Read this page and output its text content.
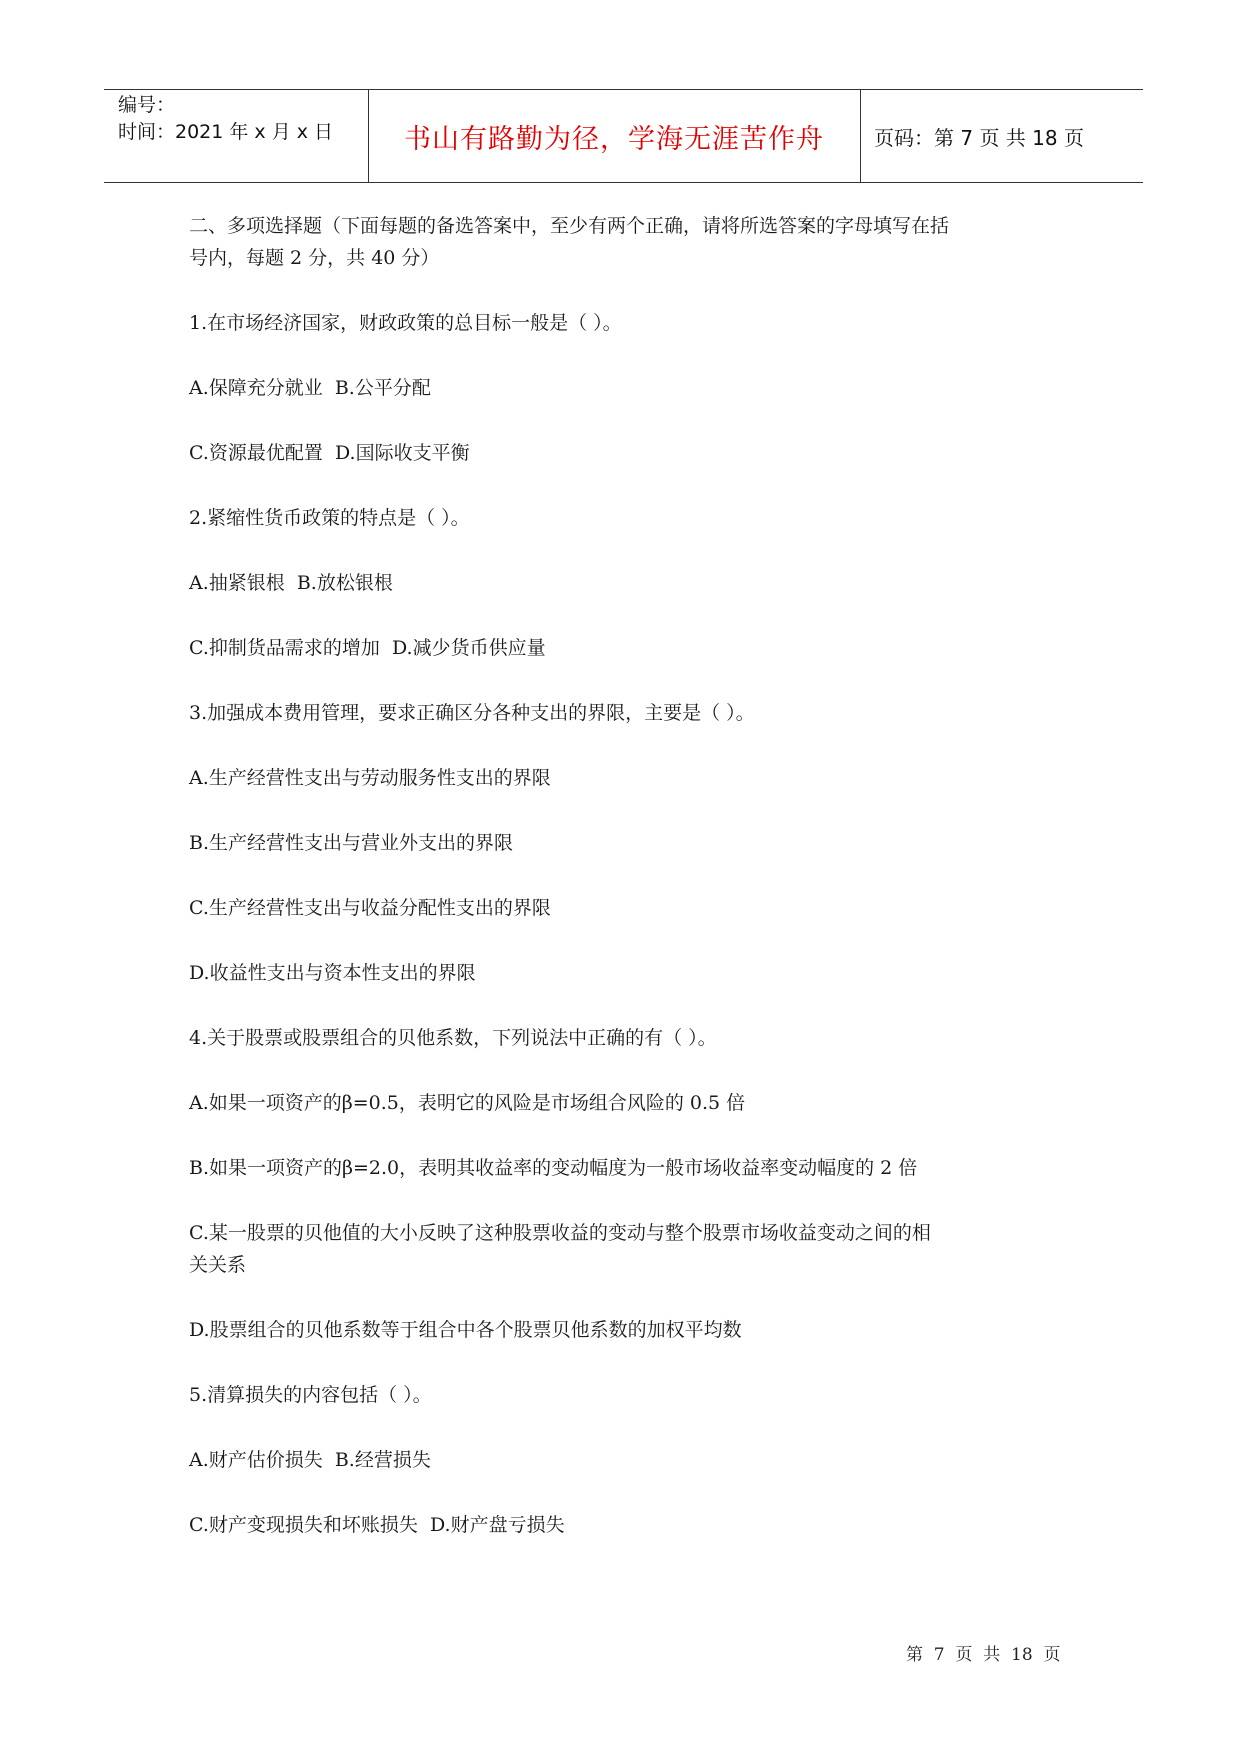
编号：
时间：2021 年 x 月 x 日	书山有路勤为径，学海无涯苦作舟	页码：第 7 页 共 18 页

二、多项选择题（下面每题的备选答案中，至少有两个正确，请将所选答案的字母填写在括

号内，每题 2 分，共 40 分）

1.在市场经济国家，财政政策的总目标一般是（ ）。

A.保障充分就业  B.公平分配

C.资源最优配置  D.国际收支平衡

2.紧缩性货币政策的特点是（ ）。

A.抽紧银根  B.放松银根

C.抑制货品需求的增加  D.减少货币供应量

3.加强成本费用管理，要求正确区分各种支出的界限，主要是（ ）。

A.生产经营性支出与劳动服务性支出的界限

B.生产经营性支出与营业外支出的界限

C.生产经营性支出与收益分配性支出的界限

D.收益性支出与资本性支出的界限

4.关于股票或股票组合的贝他系数，下列说法中正确的有（ ）。

A.如果一项资产的β=0.5，表明它的风险是市场组合风险的 0.5 倍

B.如果一项资产的β=2.0，表明其收益率的变动幅度为一般市场收益率变动幅度的 2 倍

C.某一股票的贝他值的大小反映了这种股票收益的变动与整个股票市场收益变动之间的相

关关系

D.股票组合的贝他系数等于组合中各个股票贝他系数的加权平均数

5.清算损失的内容包括（ ）。

A.财产估价损失  B.经营损失

C.财产变现损失和坏账损失  D.财产盘亏损失

第  7  页  共  18  页
